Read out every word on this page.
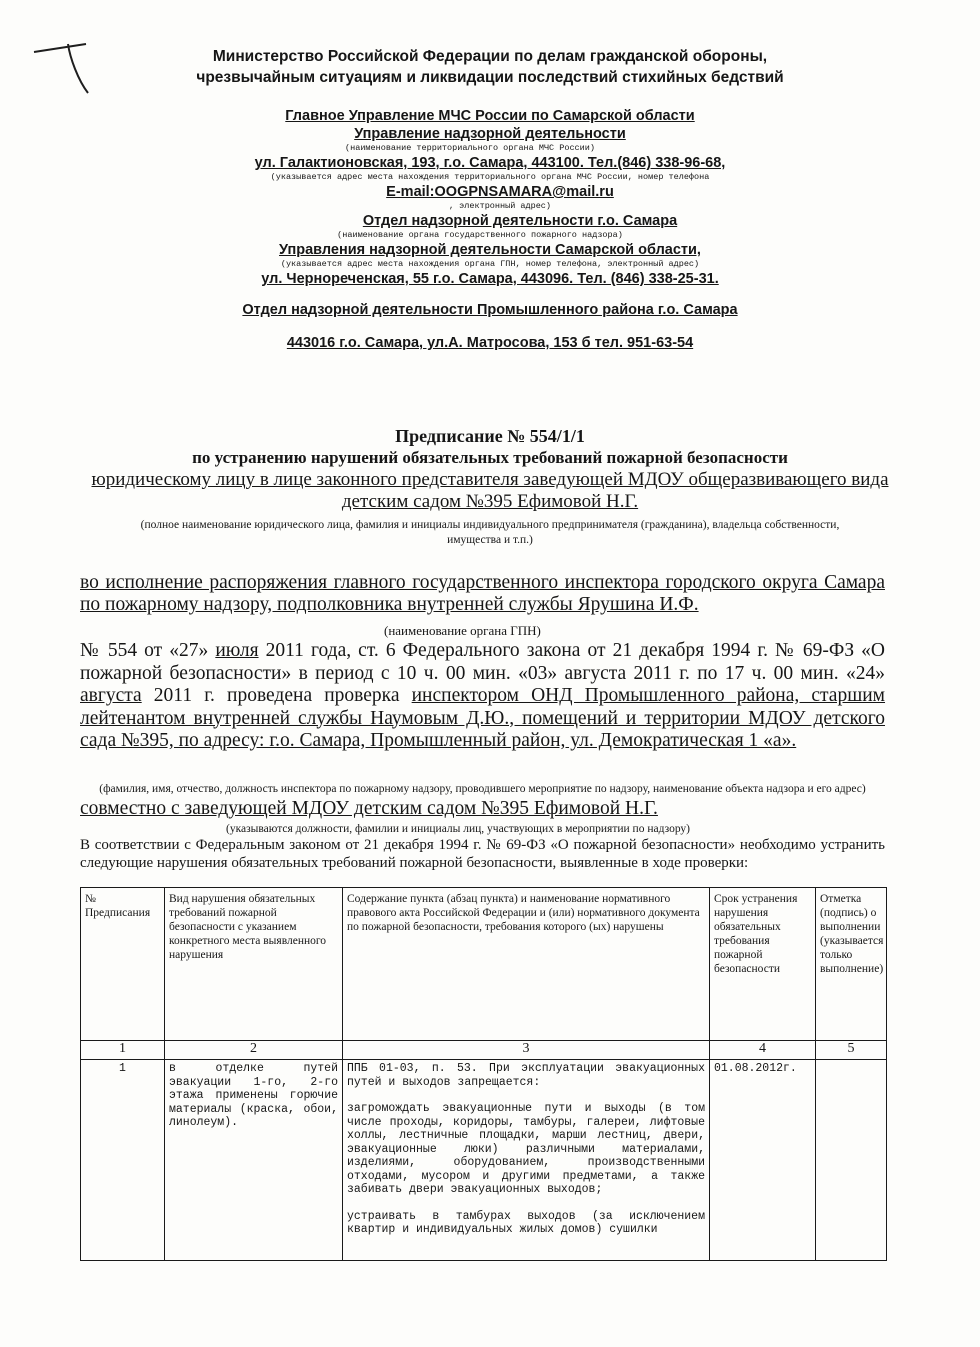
Министерство Российской Федерации по делам гражданской обороны, чрезвычайным ситуациям и ликвидации последствий стихийных бедствий
Главное Управление МЧС России по Самарской области
Управление надзорной деятельности
(наименование территориального органа МЧС России)
ул. Галактионовская, 193, г.о. Самара, 443100. Тел.(846) 338-96-68,
(указывается адрес места нахождения территориального органа МЧС России, номер телефона
E-mail:OOGPNSAMARA@mail.ru
, электронный адрес)
Отдел надзорной деятельности г.о. Самара
(наименование органа государственного пожарного надзора)
Управления надзорной деятельности Самарской области,
(указывается адрес места нахождения органа ГПН, номер телефона, электронный адрес)
ул. Чернореченская, 55 г.о. Самара, 443096. Тел. (846) 338-25-31.
Отдел надзорной деятельности Промышленного района г.о. Самара
443016 г.о. Самара, ул.А. Матросова, 153 б тел. 951-63-54
Предписание № 554/1/1
по устранению нарушений обязательных требований пожарной безопасности
юридическому лицу в лице законного представителя заведующей МДОУ общеразвивающего вида
детским садом №395 Ефимовой Н.Г.
(полное наименование юридического лица, фамилия и инициалы индивидуального предпринимателя (гражданина), владельца собственности, имущества и т.п.)
во исполнение распоряжения главного государственного инспектора городского округа Самара по пожарному надзору, подполковника внутренней службы Ярушина И.Ф.
(наименование органа ГПН)
№ 554 от «27» июля 2011 года, ст. 6 Федерального закона от 21 декабря 1994 г. № 69-ФЗ «О пожарной безопасности» в период с 10 ч. 00 мин. «03» августа 2011 г. по 17 ч. 00 мин. «24» августа 2011 г. проведена проверка инспектором ОНД Промышленного района, старшим лейтенантом внутренней службы Наумовым Д.Ю., помещений и территории МДОУ детского сада №395, по адресу: г.о. Самара, Промышленный район, ул. Демократическая 1 «а».
(фамилия, имя, отчество, должность инспектора по пожарному надзору, проводившего мероприятие по надзору, наименование объекта надзора и его адрес)
совместно с заведующей МДОУ детским садом №395 Ефимовой Н.Г.
(указываются должности, фамилии и инициалы лиц, участвующих в мероприятии по надзору)
В соответствии с Федеральным законом от 21 декабря 1994 г. № 69-ФЗ «О пожарной безопасности» необходимо устранить следующие нарушения обязательных требований пожарной безопасности, выявленные в ходе проверки:
№ Предписания	Вид нарушения обязательных требований пожарной безопасности с указанием конкретного места выявленного нарушения	Содержание пункта (абзац пункта) и наименование нормативного правового акта Российской Федерации и (или) нормативного документа по пожарной безопасности, требования которого (ых) нарушены	Срок устранения нарушения обязательных требования пожарной безопасности	Отметка (подпись) о выполнении (указывается только выполнение)
1	2	3	4	5
1	в отделке путей эвакуации 1-го, 2-го этажа применены горючие материалы (краска, обои, линолеум).	ППБ 01-03, п. 53. При эксплуатации эвакуационных путей и выходов запрещается:
загромождать эвакуационные пути и выходы (в том числе проходы, коридоры, тамбуры, галереи, лифтовые холлы, лестничные площадки, марши лестниц, двери, эвакуационные люки) различными материалами, изделиями, оборудованием, производственными отходами, мусором и другими предметами, а также забивать двери эвакуационных выходов;
устраивать в тамбурах выходов (за исключением квартир и индивидуальных жилых домов) сушилки	01.08.2012г.	
